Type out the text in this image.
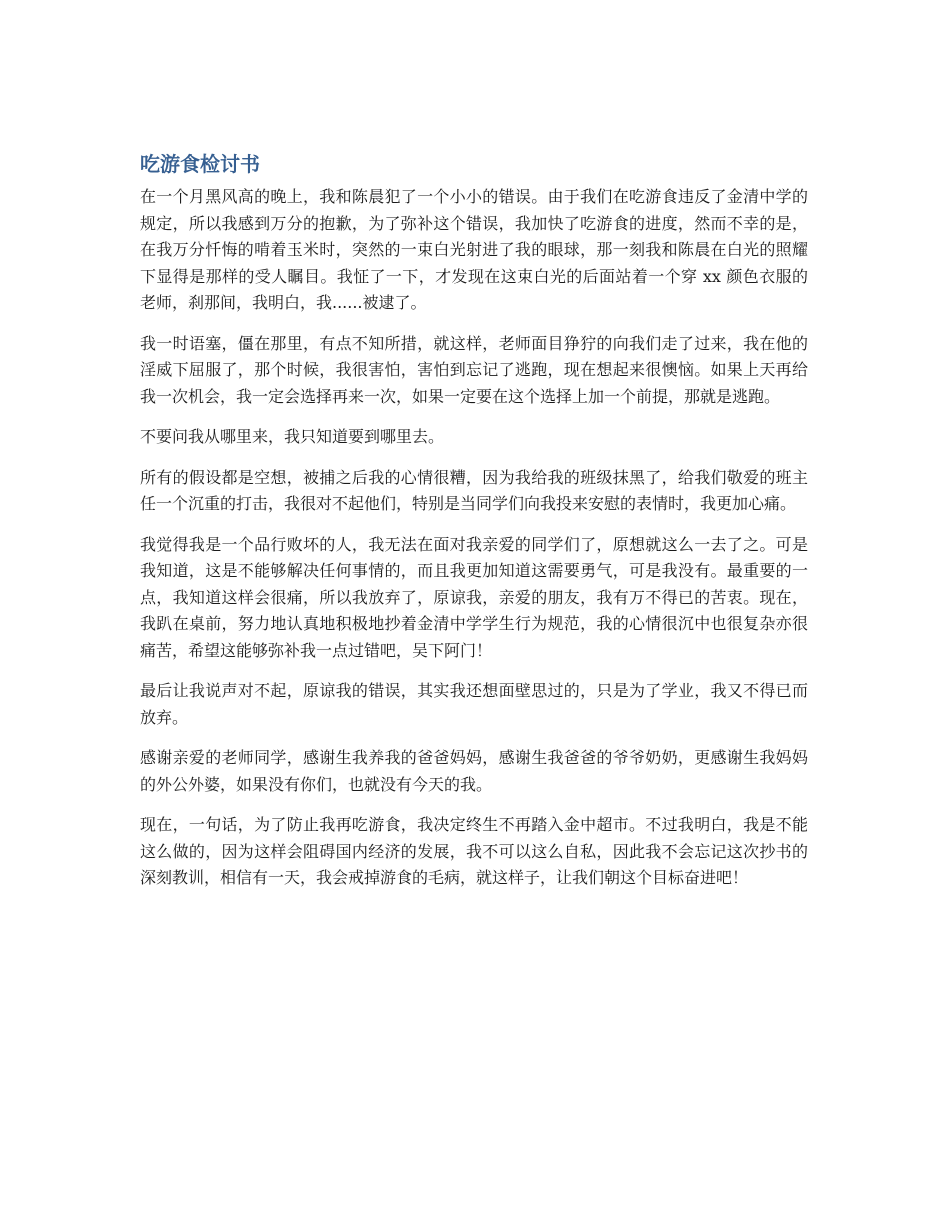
吃游食检讨书

在一个月黑风高的晚上，我和陈晨犯了一个小小的错误。由于我们在吃游食违反了金清中学的规定，所以我感到万分的抱歉，为了弥补这个错误，我加快了吃游食的进度，然而不幸的是，在我万分忏悔的啃着玉米时，突然的一束白光射进了我的眼球，那一刻我和陈晨在白光的照耀下显得是那样的受人瞩目。我怔了一下，才发现在这束白光的后面站着一个穿 xx 颜色衣服的老师，刹那间，我明白，我......被逮了。

我一时语塞，僵在那里，有点不知所措，就这样，老师面目狰狞的向我们走了过来，我在他的淫威下屈服了，那个时候，我很害怕，害怕到忘记了逃跑，现在想起来很懊恼。如果上天再给我一次机会，我一定会选择再来一次，如果一定要在这个选择上加一个前提，那就是逃跑。

不要问我从哪里来，我只知道要到哪里去。

所有的假设都是空想，被捕之后我的心情很糟，因为我给我的班级抹黑了，给我们敬爱的班主任一个沉重的打击，我很对不起他们，特别是当同学们向我投来安慰的表情时，我更加心痛。

我觉得我是一个品行败坏的人，我无法在面对我亲爱的同学们了，原想就这么一去了之。可是我知道，这是不能够解决任何事情的，而且我更加知道这需要勇气，可是我没有。最重要的一点，我知道这样会很痛，所以我放弃了，原谅我，亲爱的朋友，我有万不得已的苦衷。现在，我趴在桌前，努力地认真地积极地抄着金清中学学生行为规范，我的心情很沉中也很复杂亦很痛苦，希望这能够弥补我一点过错吧，吴下阿门！

最后让我说声对不起，原谅我的错误，其实我还想面壁思过的，只是为了学业，我又不得已而放弃。

感谢亲爱的老师同学，感谢生我养我的爸爸妈妈，感谢生我爸爸的爷爷奶奶，更感谢生我妈妈的外公外婆，如果没有你们，也就没有今天的我。

现在，一句话，为了防止我再吃游食，我决定终生不再踏入金中超市。不过我明白，我是不能这么做的，因为这样会阻碍国内经济的发展，我不可以这么自私，因此我不会忘记这次抄书的深刻教训，相信有一天，我会戒掉游食的毛病，就这样子，让我们朝这个目标奋进吧！
